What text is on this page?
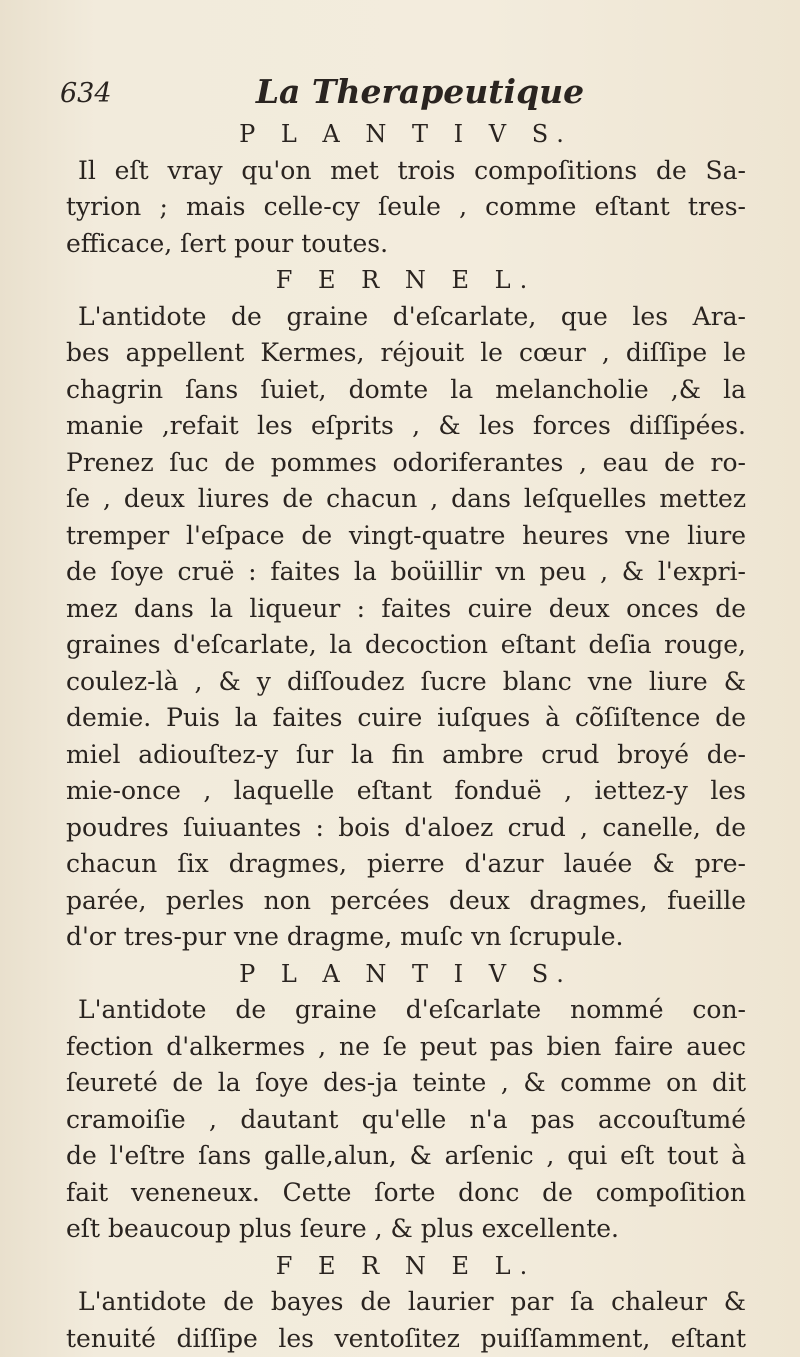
634	La Therapeutique
P L A N T I V S.
Il eſt vray qu'on met trois compoſitions de Sa-
tyrion ; mais celle-cy ſeule , comme eſtant tres-
efficace, ſert pour toutes.
F E R N E L.
L'antidote de graine d'eſcarlate, que les Ara-
bes appellent Kermes, réjouit le cœur , diſſipe le
chagrin ſans ſuiet, domte la melancholie ,& la
manie ,refait les eſprits , & les forces diſſipées.
Prenez ſuc de pommes odoriferantes , eau de ro-
ſe , deux liures de chacun , dans leſquelles mettez
tremper l'eſpace de vingt-quatre heures vne liure
de ſoye cruë : faites la boüillir vn peu , & l'expri-
mez dans la liqueur : faites cuire deux onces de
graines d'eſcarlate, la decoction eſtant deſia rouge,
coulez-là , & y diſſoudez ſucre blanc vne liure &
demie. Puis la faites cuire iuſques à cõſiſtence de
miel adiouſtez-y ſur la fin ambre crud broyé de-
mie-once , laquelle eſtant fonduë , iettez-y les
poudres ſuiuantes : bois d'aloez crud , canelle, de
chacun ſix dragmes, pierre d'azur lauée & pre-
parée, perles non percées deux dragmes, fueille
d'or tres-pur vne dragme, muſc vn ſcrupule.
P L A N T I V S.
L'antidote de graine d'eſcarlate nommé con-
fection d'alkermes , ne ſe peut pas bien faire auec
ſeureté de la ſoye des-ja teinte , & comme on dit
cramoiſie , dautant qu'elle n'a pas accouſtumé
de l'eſtre ſans galle,alun, & arſenic , qui eſt tout à
fait veneneux. Cette ſorte donc de compoſition
eſt beaucoup plus ſeure , & plus excellente.
F E R N E L.
L'antidote de bayes de laurier par ſa chaleur &
tenuité diſſipe les ventoſitez puiſſamment, eſtant
